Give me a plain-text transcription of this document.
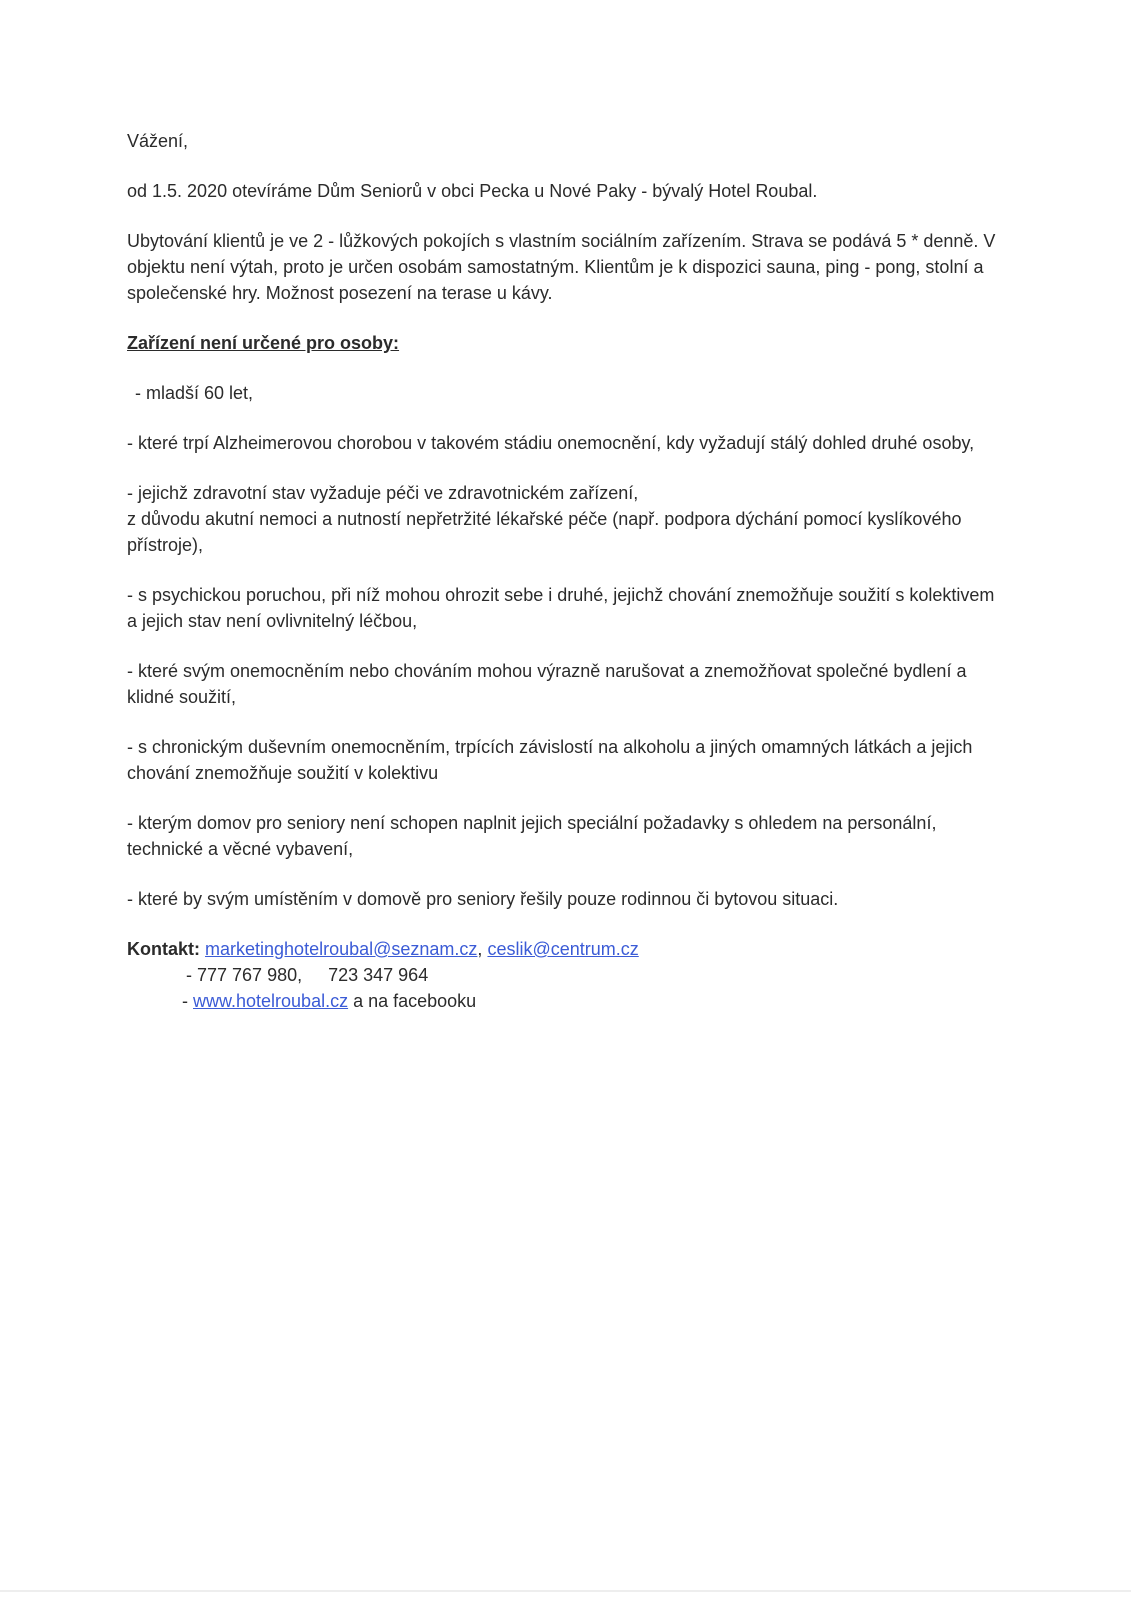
Vážení,

od 1.5. 2020 otevíráme Dům Seniorů v obci Pecka u Nové Paky - bývalý Hotel Roubal.

Ubytování klientů je ve 2 - lůžkových pokojích s vlastním sociálním zařízením. Strava se podává 5 * denně. V objektu není výtah, proto je určen osobám samostatným. Klientům je k dispozici sauna, ping - pong, stolní a společenské hry. Možnost posezení na terase u kávy.

Zařízení není určené pro osoby:

- mladší 60 let,

- které trpí Alzheimerovou chorobou v takovém stádiu onemocnění, kdy vyžadují stálý dohled druhé osoby,

- jejichž zdravotní stav vyžaduje péči ve zdravotnickém zařízení,
z důvodu akutní nemoci a nutností nepřetržité lékařské péče (např. podpora dýchání pomocí kyslíkového přístroje),

- s psychickou poruchou, při níž mohou ohrozit sebe i druhé, jejichž chování znemožňuje soužití s kolektivem a jejich stav není ovlivnitelný léčbou,

- které svým onemocněním nebo chováním mohou výrazně narušovat a znemožňovat společné bydlení a klidné soužití,

- s chronickým duševním onemocněním, trpících závislostí na alkoholu a jiných omamných látkách a jejich chování znemožňuje soužití v kolektivu

- kterým domov pro seniory není schopen naplnit jejich speciální požadavky s ohledem na personální, technické a věcné vybavení,

- které by svým umístěním v domově pro seniory řešily pouze rodinnou či bytovou situaci.

Kontakt: marketinghotelroubal@seznam.cz, ceslik@centrum.cz
- 777 767 980, 723 347 964
- www.hotelroubal.cz a na facebooku
